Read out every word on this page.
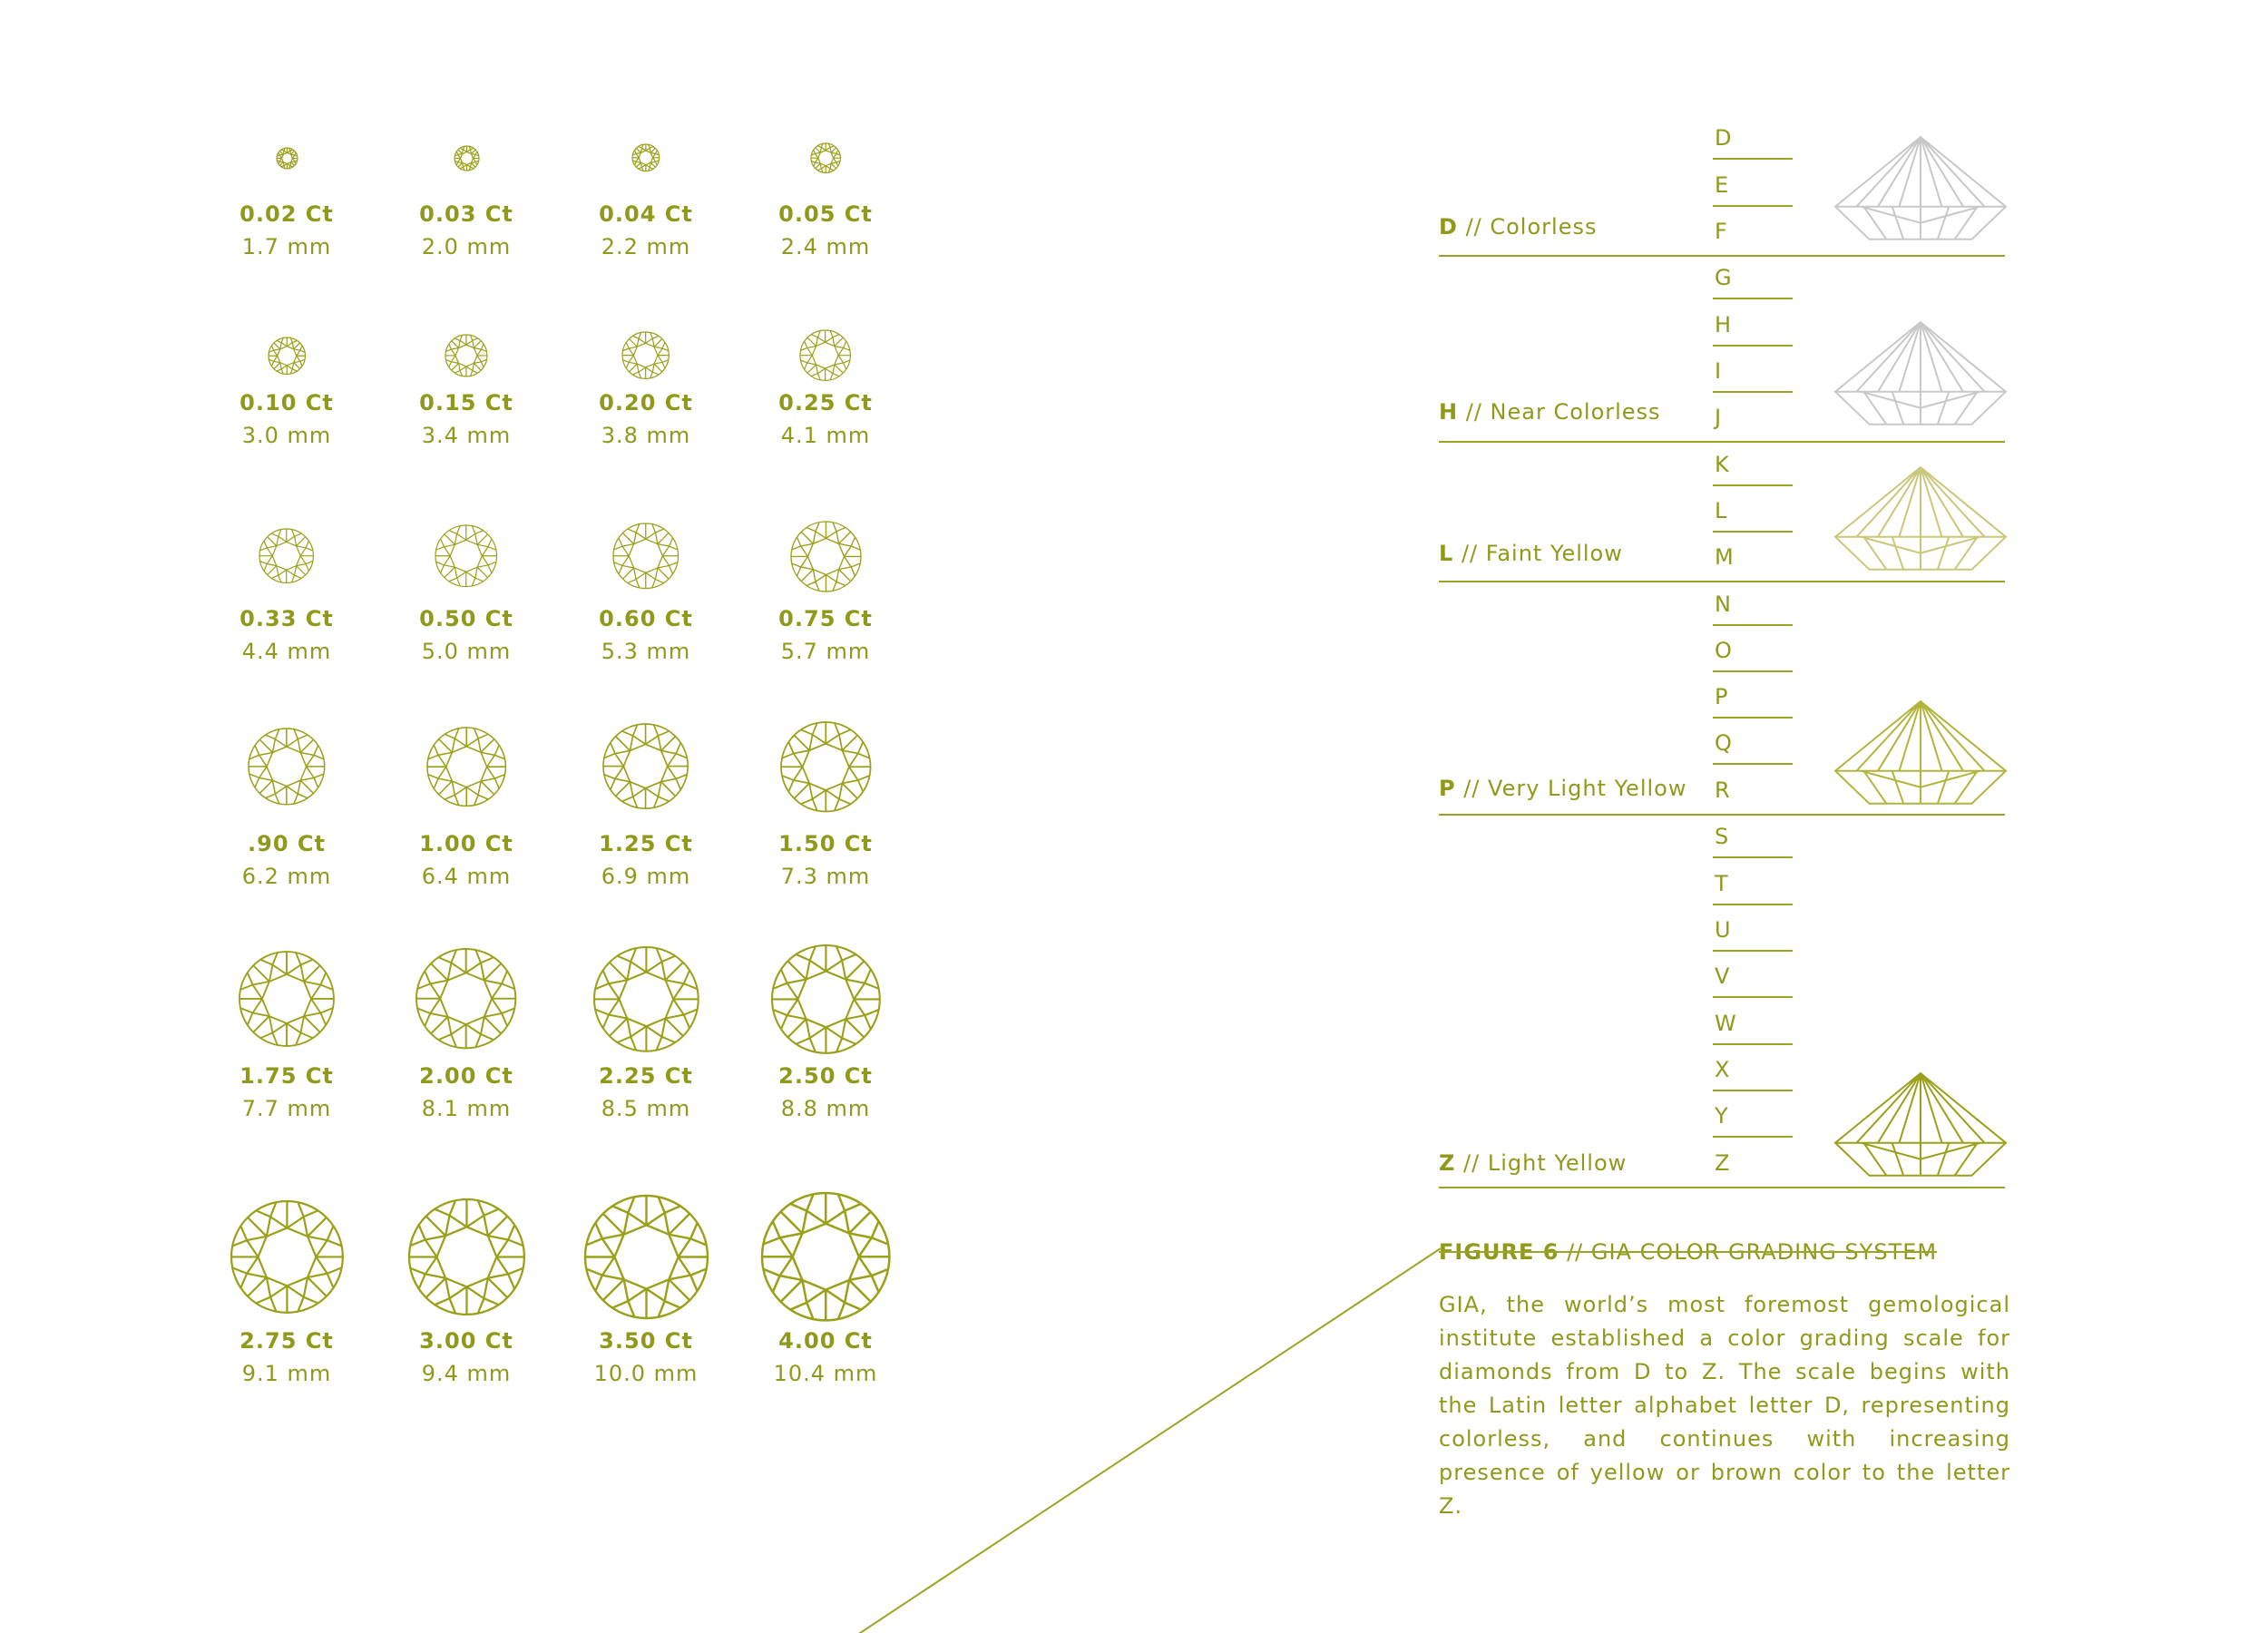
0.02 Ct
1.7 mm
0.03 Ct
2.0 mm
0.04 Ct
2.2 mm
0.05 Ct
2.4 mm
0.10 Ct
3.0 mm
0.15 Ct
3.4 mm
0.20 Ct
3.8 mm
0.25 Ct
4.1 mm
0.33 Ct
4.4 mm
0.50 Ct
5.0 mm
0.60 Ct
5.3 mm
0.75 Ct
5.7 mm
.90 Ct
6.2 mm
1.00 Ct
6.4 mm
1.25 Ct
6.9 mm
1.50 Ct
7.3 mm
1.75 Ct
7.7 mm
2.00 Ct
8.1 mm
2.25 Ct
8.5 mm
2.50 Ct
8.8 mm
2.75 Ct
9.1 mm
3.00 Ct
9.4 mm
3.50 Ct
10.0 mm
4.00 Ct
10.4 mm
D // Colorless
H // Near Colorless
L // Faint Yellow
P // Very Light Yellow
Z // Light Yellow
D
E
F
G
H
I
J
K
L
M
N
O
P
Q
R
S
T
U
V
W
X
Y
Z
FIGURE 6 // GIA COLOR GRADING SYSTEM
GIA, the world’s most foremost gemological institute established a color grading scale for diamonds from D to Z. The scale begins with the Latin letter alphabet letter D, representing colorless, and continues with increasing presence of yellow or brown color to the letter Z.
